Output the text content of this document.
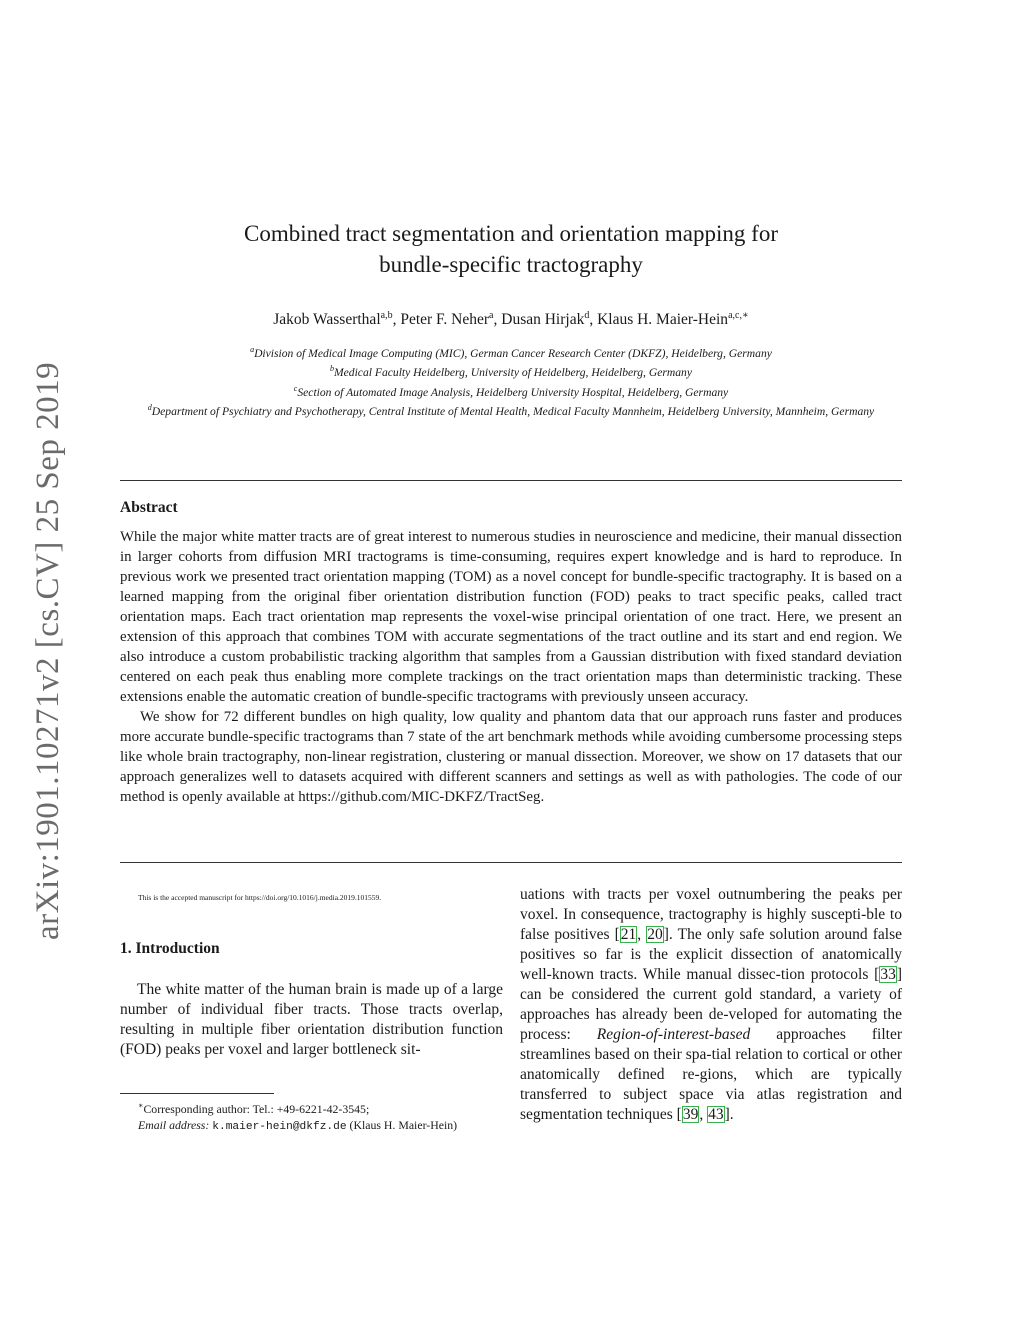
arXiv:1901.10271v2 [cs.CV] 25 Sep 2019
Combined tract segmentation and orientation mapping for
bundle-specific tractography
Jakob Wasserthal$^{a,b}$, Peter F. Neher$^a$, Dusan Hirjak$^d$, Klaus H. Maier-Hein$^{a,c,∗}$
$^a$Division of Medical Image Computing (MIC), German Cancer Research Center (DKFZ), Heidelberg, Germany
$^b$Medical Faculty Heidelberg, University of Heidelberg, Heidelberg, Germany
$^c$Section of Automated Image Analysis, Heidelberg University Hospital, Heidelberg, Germany
$^d$Department of Psychiatry and Psychotherapy, Central Institute of Mental Health, Medical Faculty Mannheim, Heidelberg University, Mannheim, Germany
Abstract

While the major white matter tracts are of great interest to numerous studies in neuroscience and medicine, their manual dissection in larger cohorts from diffusion MRI tractograms is time-consuming, requires expert knowledge and is hard to reproduce. In previous work we presented tract orientation mapping (TOM) as a novel concept for bundle-specific tractography. It is based on a learned mapping from the original fiber orientation distribution function (FOD) peaks to tract specific peaks, called tract orientation maps. Each tract orientation map represents the voxel-wise principal orientation of one tract. Here, we present an extension of this approach that combines TOM with accurate segmentations of the tract outline and its start and end region. We also introduce a custom probabilistic tracking algorithm that samples from a Gaussian distribution with fixed standard deviation centered on each peak thus enabling more complete trackings on the tract orientation maps than deterministic tracking. These extensions enable the automatic creation of bundle-specific tractograms with previously unseen accuracy.

We show for 72 different bundles on high quality, low quality and phantom data that our approach runs faster and produces more accurate bundle-specific tractograms than 7 state of the art benchmark methods while avoiding cumbersome processing steps like whole brain tractography, non-linear registration, clustering or manual dissection. Moreover, we show on 17 datasets that our approach generalizes well to datasets acquired with different scanners and settings as well as with pathologies. The code of our method is openly available at https://github.com/MIC-DKFZ/TractSeg.

This is the accepted manuscript for https://doi.org/10.1016/j.media.2019.101559.
1. Introduction

The white matter of the human brain is made up of a large number of individual fiber tracts. Those tracts overlap, resulting in multiple fiber orientation distribution function (FOD) peaks per voxel and larger bottleneck sit-

∗Corresponding author: Tel.: +49-6221-42-3545;
Email address: k.maier-hein@dkfz.de (Klaus H. Maier-Hein)

uations with tracts per voxel outnumbering the peaks per voxel. In consequence, tractography is highly suscepti-ble to false positives [21, 20]. The only safe solution around false positives so far is the explicit dissection of anatomically well-known tracts. While manual dissec-tion protocols [33] can be considered the current gold standard, a variety of approaches has already been de-veloped for automating the process: Region-of-interest-based approaches filter streamlines based on their spa-tial relation to cortical or other anatomically defined re-gions, which are typically transferred to subject space via atlas registration and segmentation techniques [39, 43].
